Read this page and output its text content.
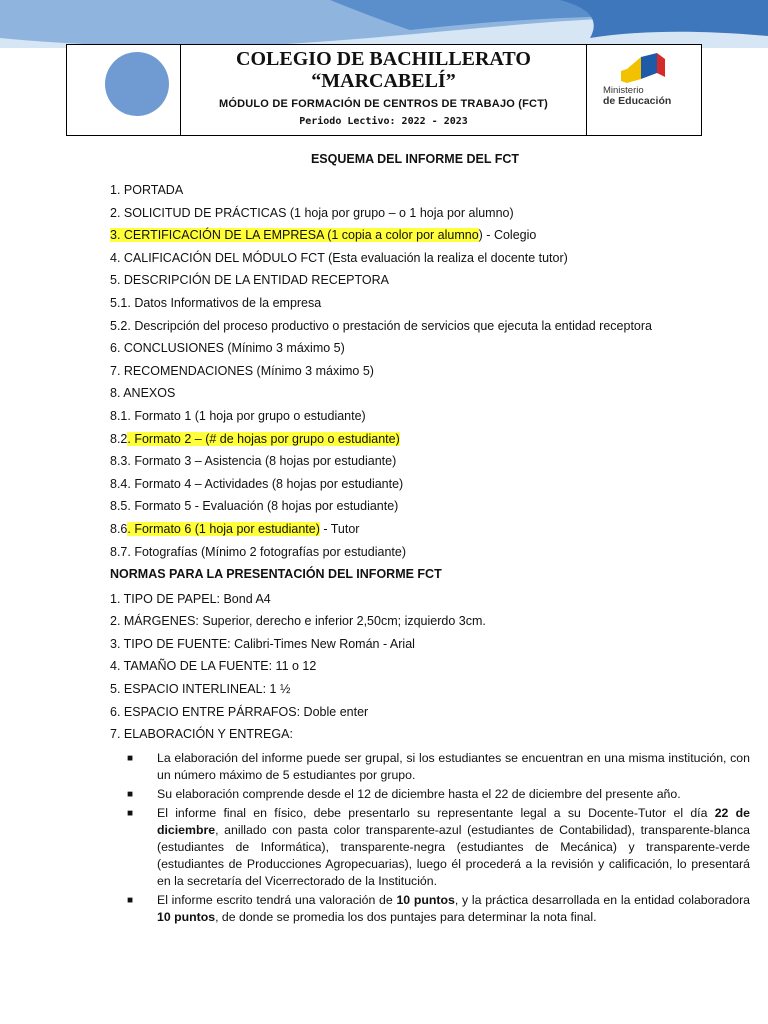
COLEGIO DE BACHILLERATO
“MARCABELÍ”
MÓDULO DE FORMACIÓN DE CENTROS DE TRABAJO (FCT)
Periodo Lectivo: 2022 - 2023
Ministerio
de Educación
ESQUEMA DEL INFORME DEL FCT
1. PORTADA
2. SOLICITUD DE PRÁCTICAS (1 hoja por grupo – o 1 hoja por alumno)
3. CERTIFICACIÓN DE LA EMPRESA (1 copia a color por alumno) - Colegio
4. CALIFICACIÓN DEL MÓDULO FCT (Esta evaluación la realiza el docente tutor)
5. DESCRIPCIÓN DE LA ENTIDAD RECEPTORA
5.1. Datos Informativos de la empresa
5.2. Descripción del proceso productivo o prestación de servicios que ejecuta la entidad receptora
6. CONCLUSIONES (Mínimo 3 máximo 5)
7. RECOMENDACIONES (Mínimo 3 máximo 5)
8. ANEXOS
8.1. Formato 1 (1 hoja por grupo o estudiante)
8.2. Formato 2 – (# de hojas por grupo o estudiante)
8.3. Formato 3 – Asistencia (8 hojas por estudiante)
8.4. Formato 4 – Actividades (8 hojas por estudiante)
8.5. Formato 5 - Evaluación (8 hojas por estudiante)
8.6. Formato 6 (1 hoja por estudiante) - Tutor
8.7. Fotografías (Mínimo 2 fotografías por estudiante)
NORMAS PARA LA PRESENTACIÓN DEL INFORME FCT
1. TIPO DE PAPEL: Bond A4
2. MÁRGENES: Superior, derecho e inferior 2,50cm; izquierdo 3cm.
3. TIPO DE FUENTE: Calibri-Times New Román - Arial
4. TAMAÑO DE LA FUENTE: 11 o 12
5. ESPACIO INTERLINEAL: 1 ½
6. ESPACIO ENTRE PÁRRAFOS: Doble enter
7. ELABORACIÓN Y ENTREGA:
■ La elaboración del informe puede ser grupal, si los estudiantes se encuentran en una misma institución, con un número máximo de 5 estudiantes por grupo.
■ Su elaboración comprende desde el 12 de diciembre hasta el 22 de diciembre del presente año.
■ El informe final en físico, debe presentarlo su representante legal a su Docente-Tutor el día 22 de diciembre, anillado con pasta color transparente-azul (estudiantes de Contabilidad), transparente-blanca (estudiantes de Informática), transparente-negra (estudiantes de Mecánica) y transparente-verde (estudiantes de Producciones Agropecuarias), luego él procederá a la revisión y calificación, lo presentará en la secretaría del Vicerrectorado de la Institución.
■ El informe escrito tendrá una valoración de 10 puntos, y la práctica desarrollada en la entidad colaboradora 10 puntos, de donde se promedia los dos puntajes para determinar la nota final.
